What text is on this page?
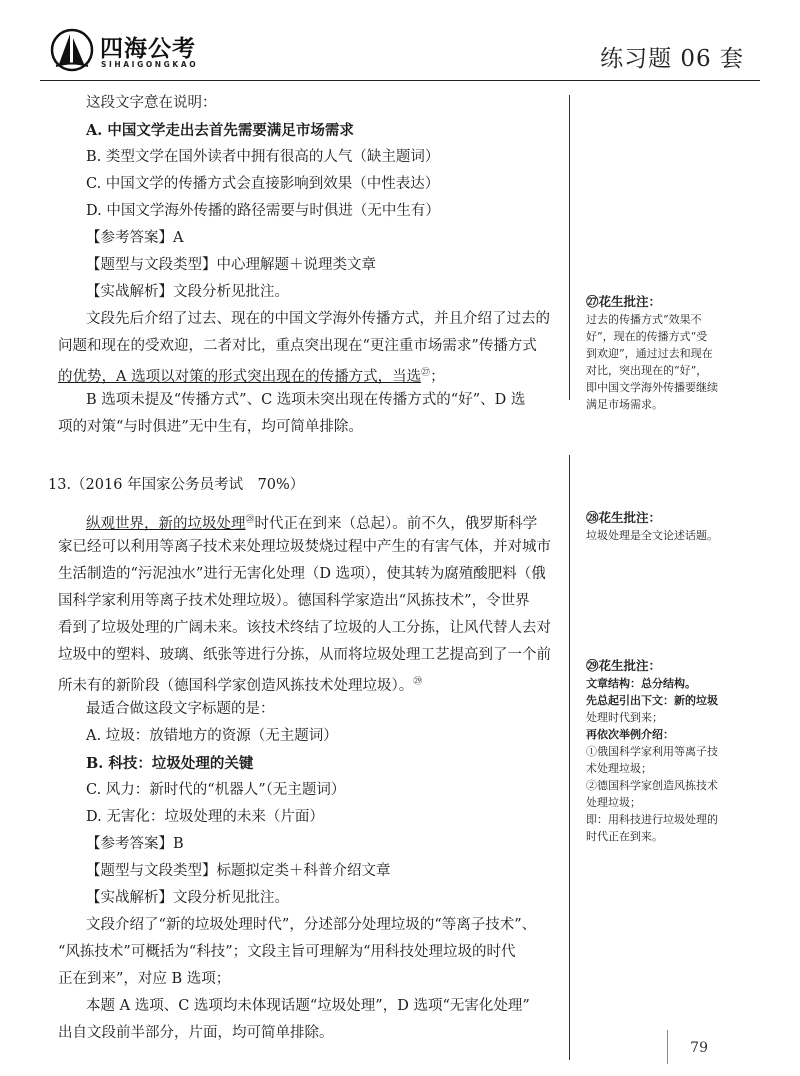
四海公考
SIHAIGONGKAO	练习题 06 套
这段文字意在说明：
A. 中国文学走出去首先需要满足市场需求
B. 类型文学在国外读者中拥有很高的人气（缺主题词）
C. 中国文学的传播方式会直接影响到效果（中性表达）
D. 中国文学海外传播的路径需要与时俱进（无中生有）
【参考答案】A
【题型与文段类型】中心理解题＋说理类文章
【实战解析】文段分析见批注。
文段先后介绍了过去、现在的中国文学海外传播方式，并且介绍了过去的
问题和现在的受欢迎，二者对比，重点突出现在“更注重市场需求”传播方式
的优势，A 选项以对策的形式突出现在的传播方式，当选$^㉗$；
B 选项未提及“传播方式”、C 选项未突出现在传播方式的“好”、D 选
项的对策“与时俱进”无中生有，均可简单排除。
13.（2016 年国家公务员考试　70%）
纵观世界，新的垃圾处理$^㉘$时代正在到来（总起）。前不久，俄罗斯科学
家已经可以利用等离子技术来处理垃圾焚烧过程中产生的有害气体，并对城市
生活制造的“污泥浊水”进行无害化处理（D 选项），使其转为腐殖酸肥料（俄
国科学家利用等离子技术处理垃圾）。德国科学家造出“风拣技术”，令世界
看到了垃圾处理的广阔未来。该技术终结了垃圾的人工分拣，让风代替人去对
垃圾中的塑料、玻璃、纸张等进行分拣，从而将垃圾处理工艺提高到了一个前
所未有的新阶段（德国科学家创造风拣技术处理垃圾）。$^㉙$
最适合做这段文字标题的是：
A. 垃圾：放错地方的资源（无主题词）
B. 科技：垃圾处理的关键
C. 风力：新时代的“机器人”（无主题词）
D. 无害化：垃圾处理的未来（片面）
【参考答案】B
【题型与文段类型】标题拟定类＋科普介绍文章
【实战解析】文段分析见批注。
文段介绍了“新的垃圾处理时代”，分述部分处理垃圾的“等离子技术”、
“风拣技术”可概括为“科技”；文段主旨可理解为“用科技处理垃圾的时代
正在到来”，对应 B 选项；
本题 A 选项、C 选项均未体现话题“垃圾处理”，D 选项“无害化处理”
出自文段前半部分，片面，均可简单排除。
㉗花生批注：
过去的传播方式“效果不
好”，现在的传播方式“受
到欢迎”，通过过去和现在
对比，突出现在的“好”，
即中国文学海外传播要继续
满足市场需求。
㉘花生批注：
垃圾处理是全文论述话题。
㉙花生批注：
文章结构：总分结构。
先总起引出下文：新的垃圾
处理时代到来；
再依次举例介绍：
①俄国科学家利用等离子技
术处理垃圾；
②德国科学家创造风拣技术
处理垃圾；
即：用科技进行垃圾处理的
时代正在到来。
79
